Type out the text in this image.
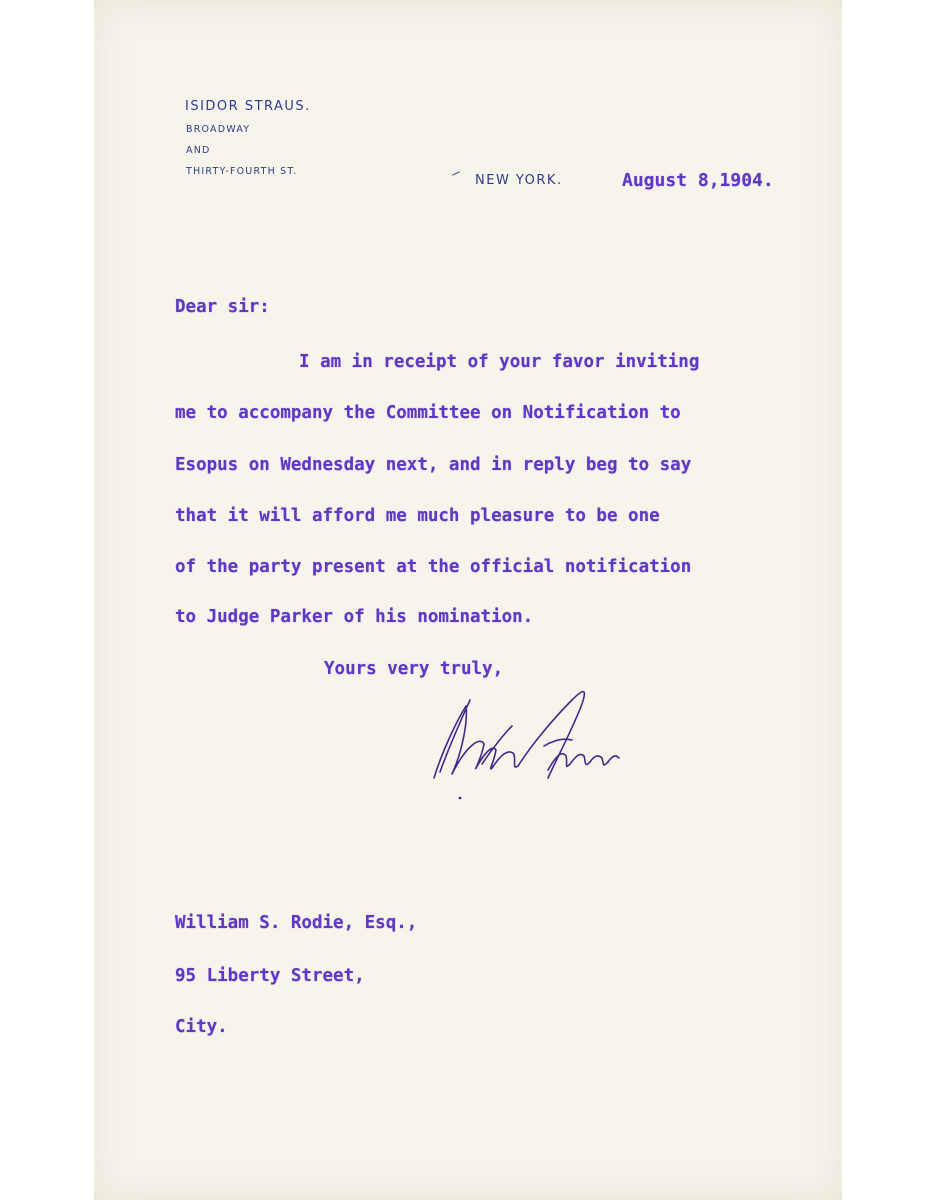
ISIDOR STRAUS.
BROADWAY
AND
THIRTY-FOURTH ST.
NEW YORK.	August 8,1904.
Dear sir:
I am in receipt of your favor inviting
me to accompany the Committee on Notification to
Esopus on Wednesday next, and in reply beg to say
that it will afford me much pleasure to be one
of the party present at the official notification
to Judge Parker of his nomination.
Yours very truly,
William S. Rodie, Esq.,
95 Liberty Street,
City.
